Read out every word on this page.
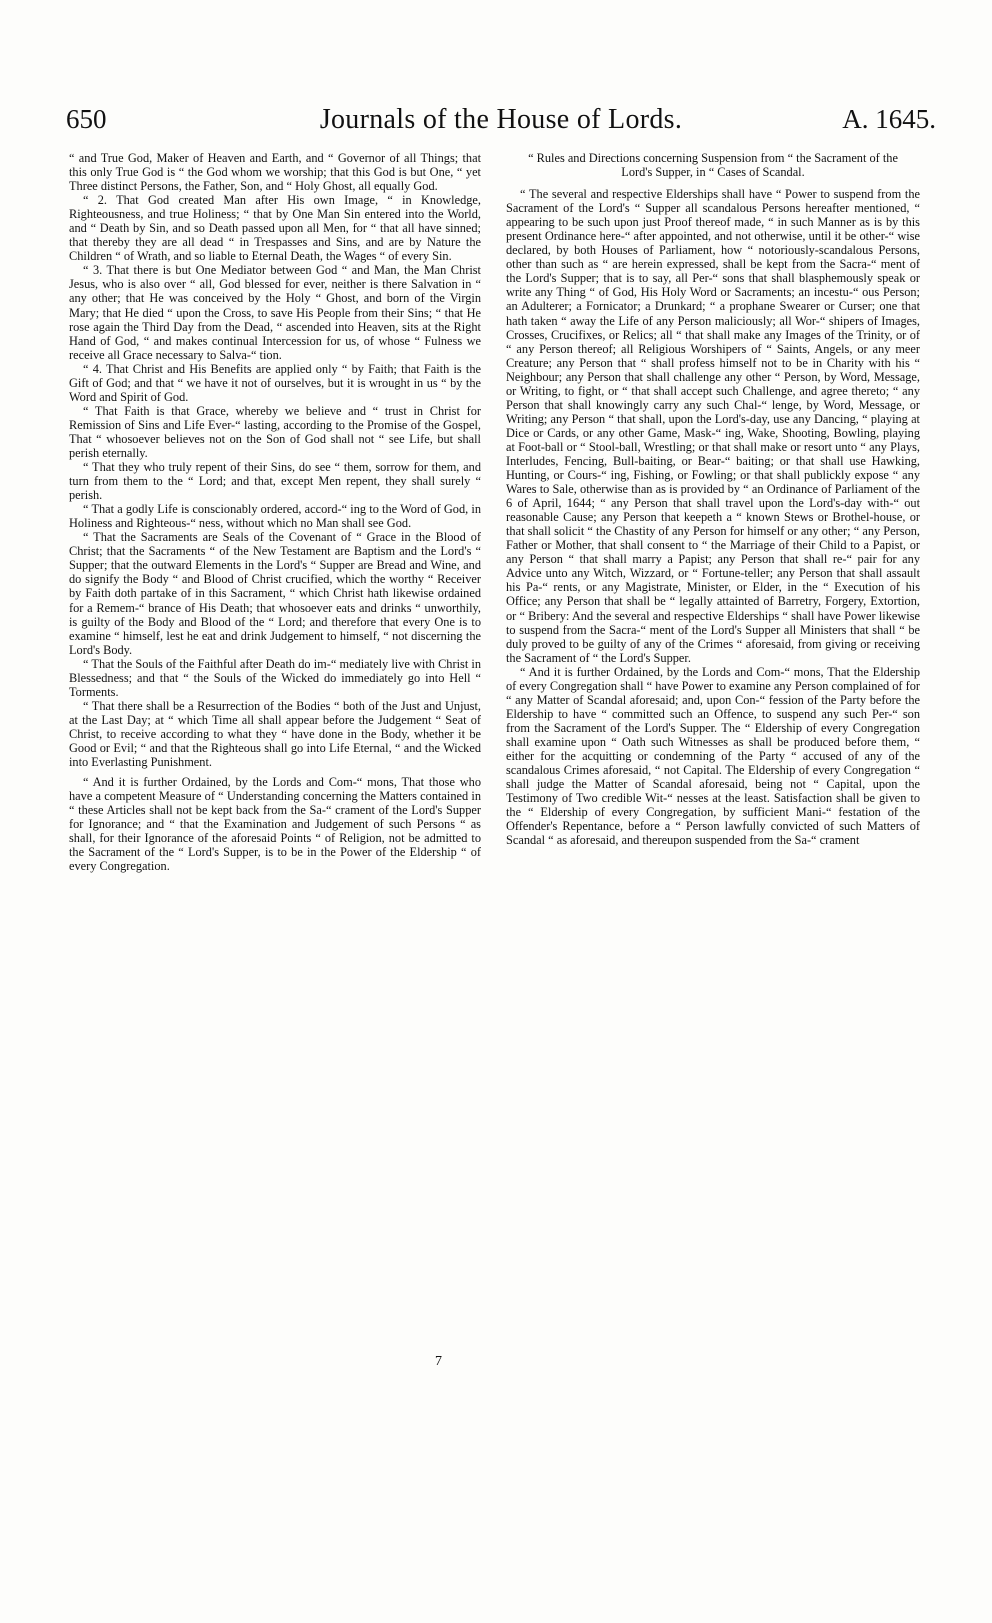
650	Journals of the House of Lords.	A. 1645.

“ and True God, Maker of Heaven and Earth, and “ Governor of all Things; that this only True God is “ the God whom we worship; that this God is but One, “ yet Three distinct Persons, the Father, Son, and “ Holy Ghost, all equally God.

“ 2. That God created Man after His own Image, “ in Knowledge, Righteousness, and true Holiness; “ that by One Man Sin entered into the World, and “ Death by Sin, and so Death passed upon all Men, for “ that all have sinned; that thereby they are all dead “ in Trespasses and Sins, and are by Nature the Children “ of Wrath, and so liable to Eternal Death, the Wages “ of every Sin.

“ 3. That there is but One Mediator between God “ and Man, the Man Christ Jesus, who is also over “ all, God blessed for ever, neither is there Salvation in “ any other; that He was conceived by the Holy “ Ghost, and born of the Virgin Mary; that He died “ upon the Cross, to save His People from their Sins; “ that He rose again the Third Day from the Dead, “ ascended into Heaven, sits at the Right Hand of God, “ and makes continual Intercession for us, of whose “ Fulness we receive all Grace necessary to Salva-“ tion.

“ 4. That Christ and His Benefits are applied only “ by Faith; that Faith is the Gift of God; and that “ we have it not of ourselves, but it is wrought in us “ by the Word and Spirit of God.

“ That Faith is that Grace, whereby we believe and “ trust in Christ for Remission of Sins and Life Ever-“ lasting, according to the Promise of the Gospel, That “ whosoever believes not on the Son of God shall not “ see Life, but shall perish eternally.

“ That they who truly repent of their Sins, do see “ them, sorrow for them, and turn from them to the “ Lord; and that, except Men repent, they shall surely “ perish.

“ That a godly Life is conscionably ordered, accord-“ ing to the Word of God, in Holiness and Righteous-“ ness, without which no Man shall see God.

“ That the Sacraments are Seals of the Covenant of “ Grace in the Blood of Christ; that the Sacraments “ of the New Testament are Baptism and the Lord's “ Supper; that the outward Elements in the Lord's “ Supper are Bread and Wine, and do signify the Body “ and Blood of Christ crucified, which the worthy “ Receiver by Faith doth partake of in this Sacrament, “ which Christ hath likewise ordained for a Remem-“ brance of His Death; that whosoever eats and drinks “ unworthily, is guilty of the Body and Blood of the “ Lord; and therefore that every One is to examine “ himself, lest he eat and drink Judgement to himself, “ not discerning the Lord's Body.

“ That the Souls of the Faithful after Death do im-“ mediately live with Christ in Blessedness; and that “ the Souls of the Wicked do immediately go into Hell “ Torments.

“ That there shall be a Resurrection of the Bodies “ both of the Just and Unjust, at the Last Day; at “ which Time all shall appear before the Judgement “ Seat of Christ, to receive according to what they “ have done in the Body, whether it be Good or Evil; “ and that the Righteous shall go into Life Eternal, “ and the Wicked into Everlasting Punishment.

“ And it is further Ordained, by the Lords and Com-“ mons, That those who have a competent Measure of “ Understanding concerning the Matters contained in “ these Articles shall not be kept back from the Sa-“ crament of the Lord's Supper for Ignorance; and “ that the Examination and Judgement of such Persons “ as shall, for their Ignorance of the aforesaid Points “ of Religion, not be admitted to the Sacrament of the “ Lord's Supper, is to be in the Power of the Eldership “ of every Congregation.

“ Rules and Directions concerning Suspension from “ the Sacrament of the Lord's Supper, in “ Cases of Scandal.

“ The several and respective Elderships shall have “ Power to suspend from the Sacrament of the Lord's “ Supper all scandalous Persons hereafter mentioned, “ appearing to be such upon just Proof thereof made, “ in such Manner as is by this present Ordinance here-“ after appointed, and not otherwise, until it be other-“ wise declared, by both Houses of Parliament, how “ notoriously-scandalous Persons, other than such as “ are herein expressed, shall be kept from the Sacra-“ ment of the Lord's Supper; that is to say, all Per-“ sons that shall blasphemously speak or write any Thing “ of God, His Holy Word or Sacraments; an incestu-“ ous Person; an Adulterer; a Fornicator; a Drunkard; “ a prophane Swearer or Curser; one that hath taken “ away the Life of any Person maliciously; all Wor-“ shipers of Images, Crosses, Crucifixes, or Relics; all “ that shall make any Images of the Trinity, or of “ any Person thereof; all Religious Worshipers of “ Saints, Angels, or any meer Creature; any Person that “ shall profess himself not to be in Charity with his “ Neighbour; any Person that shall challenge any other “ Person, by Word, Message, or Writing, to fight, or “ that shall accept such Challenge, and agree thereto; “ any Person that shall knowingly carry any such Chal-“ lenge, by Word, Message, or Writing; any Person “ that shall, upon the Lord's-day, use any Dancing, “ playing at Dice or Cards, or any other Game, Mask-“ ing, Wake, Shooting, Bowling, playing at Foot-ball or “ Stool-ball, Wrestling; or that shall make or resort unto “ any Plays, Interludes, Fencing, Bull-baiting, or Bear-“ baiting; or that shall use Hawking, Hunting, or Cours-“ ing, Fishing, or Fowling; or that shall publickly expose “ any Wares to Sale, otherwise than as is provided by “ an Ordinance of Parliament of the 6 of April, 1644; “ any Person that shall travel upon the Lord's-day with-“ out reasonable Cause; any Person that keepeth a “ known Stews or Brothel-house, or that shall solicit “ the Chastity of any Person for himself or any other; “ any Person, Father or Mother, that shall consent to “ the Marriage of their Child to a Papist, or any Person “ that shall marry a Papist; any Person that shall re-“ pair for any Advice unto any Witch, Wizzard, or “ Fortune-teller; any Person that shall assault his Pa-“ rents, or any Magistrate, Minister, or Elder, in the “ Execution of his Office; any Person that shall be “ legally attainted of Barretry, Forgery, Extortion, or “ Bribery: And the several and respective Elderships “ shall have Power likewise to suspend from the Sacra-“ ment of the Lord's Supper all Ministers that shall “ be duly proved to be guilty of any of the Crimes “ aforesaid, from giving or receiving the Sacrament of “ the Lord's Supper.

“ And it is further Ordained, by the Lords and Com-“ mons, That the Eldership of every Congregation shall “ have Power to examine any Person complained of for “ any Matter of Scandal aforesaid; and, upon Con-“ fession of the Party before the Eldership to have “ committed such an Offence, to suspend any such Per-“ son from the Sacrament of the Lord's Supper. The “ Eldership of every Congregation shall examine upon “ Oath such Witnesses as shall be produced before them, “ either for the acquitting or condemning of the Party “ accused of any of the scandalous Crimes aforesaid, “ not Capital. The Eldership of every Congregation “ shall judge the Matter of Scandal aforesaid, being not “ Capital, upon the Testimony of Two credible Wit-“ nesses at the least. Satisfaction shall be given to the “ Eldership of every Congregation, by sufficient Mani-“ festation of the Offender's Repentance, before a “ Person lawfully convicted of such Matters of Scandal “ as aforesaid, and thereupon suspended from the Sa-“ crament

7
